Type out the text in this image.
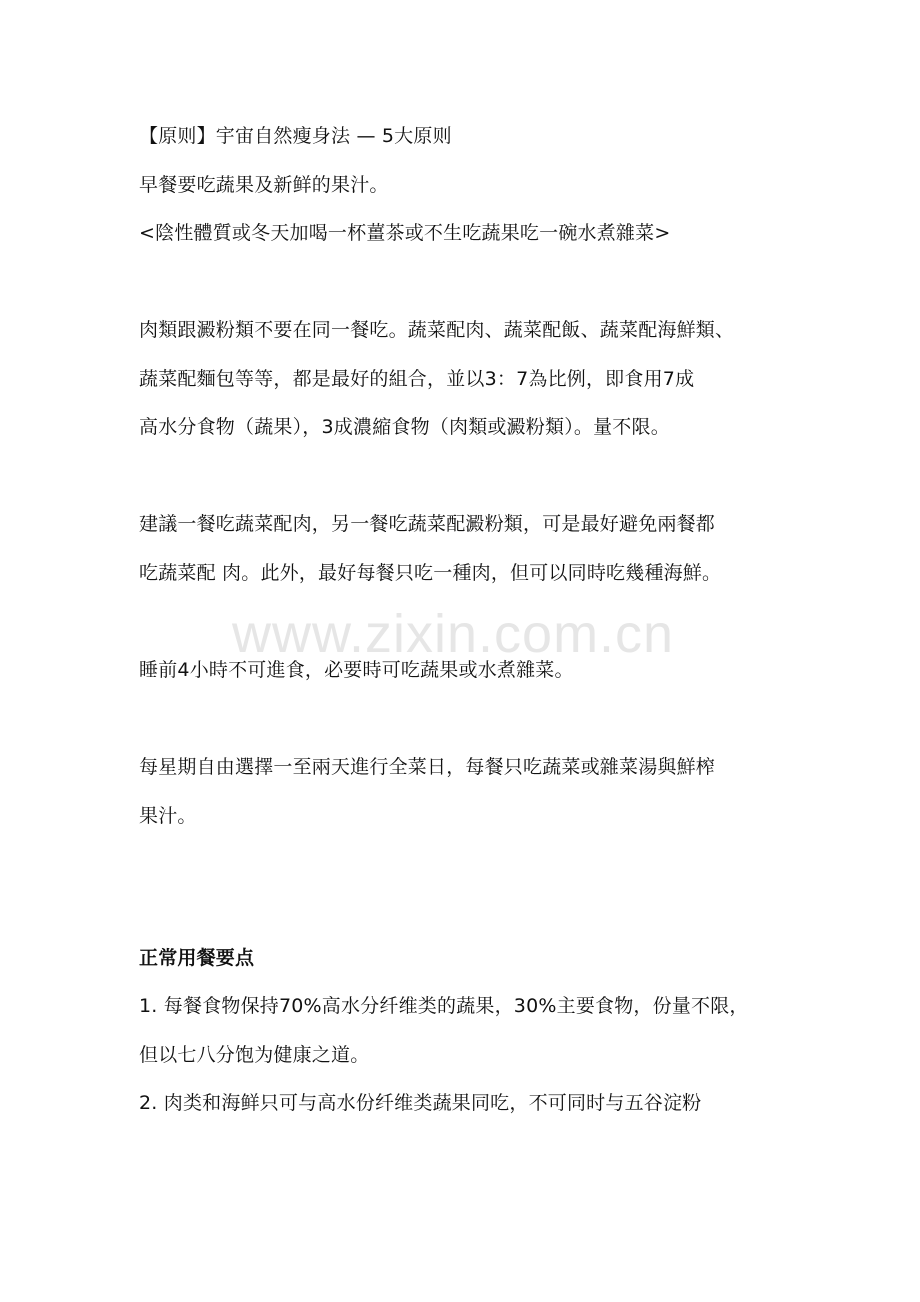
【原则】宇宙自然瘦身法 — 5大原则
早餐要吃蔬果及新鲜的果汁。
<陰性體質或冬天加喝一杯薑茶或不生吃蔬果吃一碗水煮雜菜>
肉類跟澱粉類不要在同一餐吃。蔬菜配肉、蔬菜配飯、蔬菜配海鮮類、
蔬菜配麵包等等，都是最好的組合，並以3：7為比例，即食用7成
高水分食物（蔬果），3成濃縮食物（肉類或澱粉類）。量不限。
建議一餐吃蔬菜配肉，另一餐吃蔬菜配澱粉類，可是最好避免兩餐都
吃蔬菜配 肉。此外，最好每餐只吃一種肉，但可以同時吃幾種海鮮。
www.zixin.com.cn
睡前4小時不可進食，必要時可吃蔬果或水煮雜菜。
每星期自由選擇一至兩天進行全菜日，每餐只吃蔬菜或雜菜湯與鮮榨
果汁。
正常用餐要点
1. 每餐食物保持70%高水分纤维类的蔬果，30%主要食物，份量不限，
但以七八分饱为健康之道。
2. 肉类和海鲜只可与高水份纤维类蔬果同吃，不可同时与五谷淀粉
